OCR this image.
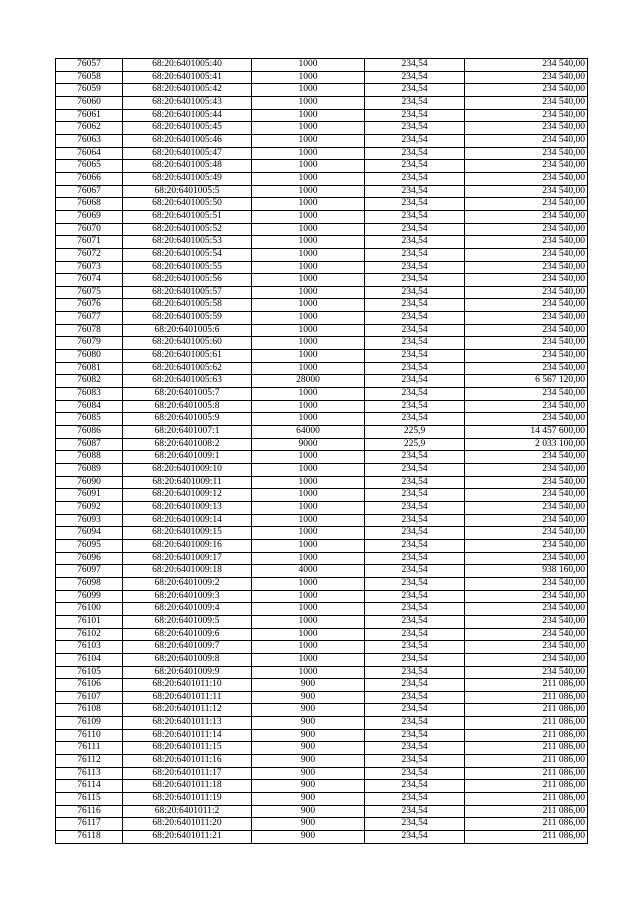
76057	68:20:6401005:40	1000	234,54	234 540,00
76058	68:20:6401005:41	1000	234,54	234 540,00
76059	68:20:6401005:42	1000	234,54	234 540,00
76060	68:20:6401005:43	1000	234,54	234 540,00
76061	68:20:6401005:44	1000	234,54	234 540,00
76062	68:20:6401005:45	1000	234,54	234 540,00
76063	68:20:6401005:46	1000	234,54	234 540,00
76064	68:20:6401005:47	1000	234,54	234 540,00
76065	68:20:6401005:48	1000	234,54	234 540,00
76066	68:20:6401005:49	1000	234,54	234 540,00
76067	68:20:6401005:5	1000	234,54	234 540,00
76068	68:20:6401005:50	1000	234,54	234 540,00
76069	68:20:6401005:51	1000	234,54	234 540,00
76070	68:20:6401005:52	1000	234,54	234 540,00
76071	68:20:6401005:53	1000	234,54	234 540,00
76072	68:20:6401005:54	1000	234,54	234 540,00
76073	68:20:6401005:55	1000	234,54	234 540,00
76074	68:20:6401005:56	1000	234,54	234 540,00
76075	68:20:6401005:57	1000	234,54	234 540,00
76076	68:20:6401005:58	1000	234,54	234 540,00
76077	68:20:6401005:59	1000	234,54	234 540,00
76078	68:20:6401005:6	1000	234,54	234 540,00
76079	68:20:6401005:60	1000	234,54	234 540,00
76080	68:20:6401005:61	1000	234,54	234 540,00
76081	68:20:6401005:62	1000	234,54	234 540,00
76082	68:20:6401005:63	28000	234,54	6 567 120,00
76083	68:20:6401005:7	1000	234,54	234 540,00
76084	68:20:6401005:8	1000	234,54	234 540,00
76085	68:20:6401005:9	1000	234,54	234 540,00
76086	68:20:6401007:1	64000	225,9	14 457 600,00
76087	68:20:6401008:2	9000	225,9	2 033 100,00
76088	68:20:6401009:1	1000	234,54	234 540,00
76089	68:20:6401009:10	1000	234,54	234 540,00
76090	68:20:6401009:11	1000	234,54	234 540,00
76091	68:20:6401009:12	1000	234,54	234 540,00
76092	68:20:6401009:13	1000	234,54	234 540,00
76093	68:20:6401009:14	1000	234,54	234 540,00
76094	68:20:6401009:15	1000	234,54	234 540,00
76095	68:20:6401009:16	1000	234,54	234 540,00
76096	68:20:6401009:17	1000	234,54	234 540,00
76097	68:20:6401009:18	4000	234,54	938 160,00
76098	68:20:6401009:2	1000	234,54	234 540,00
76099	68:20:6401009:3	1000	234,54	234 540,00
76100	68:20:6401009:4	1000	234,54	234 540,00
76101	68:20:6401009:5	1000	234,54	234 540,00
76102	68:20:6401009:6	1000	234,54	234 540,00
76103	68:20:6401009:7	1000	234,54	234 540,00
76104	68:20:6401009:8	1000	234,54	234 540,00
76105	68:20:6401009:9	1000	234,54	234 540,00
76106	68:20:6401011:10	900	234,54	211 086,00
76107	68:20:6401011:11	900	234,54	211 086,00
76108	68:20:6401011:12	900	234,54	211 086,00
76109	68:20:6401011:13	900	234,54	211 086,00
76110	68:20:6401011:14	900	234,54	211 086,00
76111	68:20:6401011:15	900	234,54	211 086,00
76112	68:20:6401011:16	900	234,54	211 086,00
76113	68:20:6401011:17	900	234,54	211 086,00
76114	68:20:6401011:18	900	234,54	211 086,00
76115	68:20:6401011:19	900	234,54	211 086,00
76116	68:20:6401011:2	900	234,54	211 086,00
76117	68:20:6401011:20	900	234,54	211 086,00
76118	68:20:6401011:21	900	234,54	211 086,00
